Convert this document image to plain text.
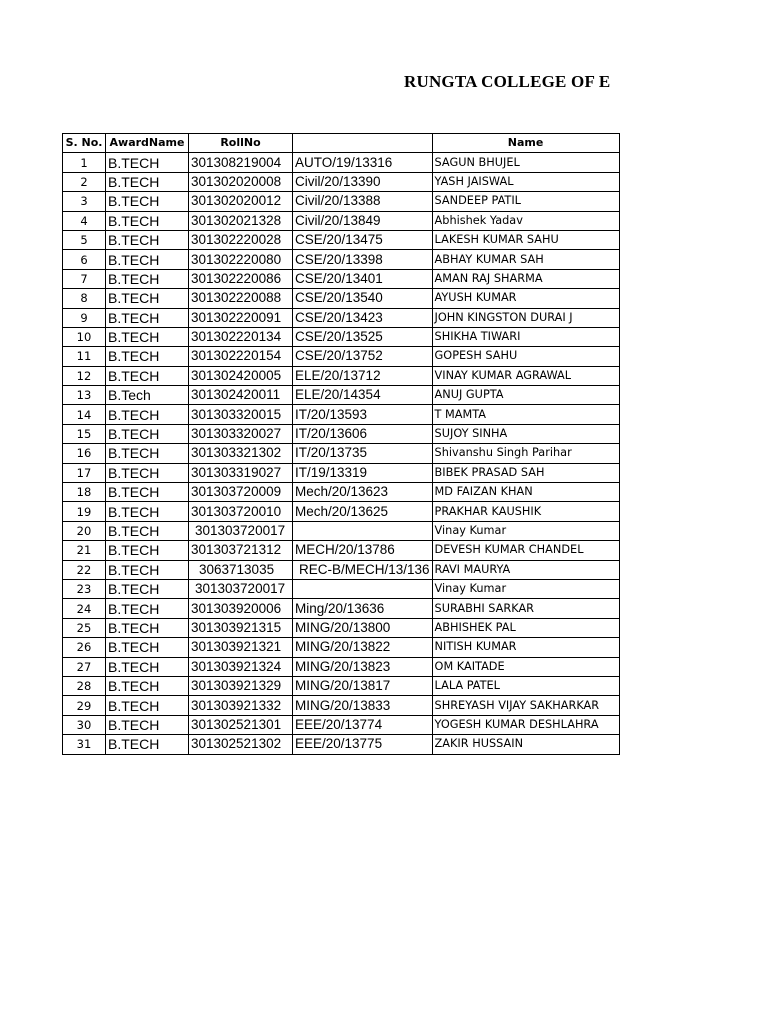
RUNGTA COLLEGE OF E
S. No.	AwardName	RollNo		Name
1	B.TECH	301308219004	AUTO/19/13316	SAGUN BHUJEL
2	B.TECH	301302020008	Civil/20/13390	YASH JAISWAL
3	B.TECH	301302020012	Civil/20/13388	SANDEEP PATIL
4	B.TECH	301302021328	Civil/20/13849	Abhishek Yadav
5	B.TECH	301302220028	CSE/20/13475	LAKESH KUMAR SAHU
6	B.TECH	301302220080	CSE/20/13398	ABHAY KUMAR SAH
7	B.TECH	301302220086	CSE/20/13401	AMAN RAJ SHARMA
8	B.TECH	301302220088	CSE/20/13540	AYUSH KUMAR
9	B.TECH	301302220091	CSE/20/13423	JOHN KINGSTON DURAI J
10	B.TECH	301302220134	CSE/20/13525	SHIKHA TIWARI
11	B.TECH	301302220154	CSE/20/13752	GOPESH SAHU
12	B.TECH	301302420005	ELE/20/13712	VINAY KUMAR AGRAWAL
13	B.Tech	301302420011	ELE/20/14354	ANUJ GUPTA
14	B.TECH	301303320015	IT/20/13593	T MAMTA
15	B.TECH	301303320027	IT/20/13606	SUJOY SINHA
16	B.TECH	301303321302	IT/20/13735	Shivanshu Singh Parihar
17	B.TECH	301303319027	IT/19/13319	BIBEK PRASAD SAH
18	B.TECH	301303720009	Mech/20/13623	MD FAIZAN KHAN
19	B.TECH	301303720010	Mech/20/13625	PRAKHAR KAUSHIK
20	B.TECH	301303720017		Vinay Kumar
21	B.TECH	301303721312	MECH/20/13786	DEVESH KUMAR CHANDEL
22	B.TECH	3063713035	REC-B/MECH/13/136	RAVI MAURYA
23	B.TECH	301303720017		Vinay Kumar
24	B.TECH	301303920006	Ming/20/13636	SURABHI SARKAR
25	B.TECH	301303921315	MING/20/13800	ABHISHEK PAL
26	B.TECH	301303921321	MING/20/13822	NITISH KUMAR
27	B.TECH	301303921324	MING/20/13823	OM KAITADE
28	B.TECH	301303921329	MING/20/13817	LALA PATEL
29	B.TECH	301303921332	MING/20/13833	SHREYASH VIJAY SAKHARKAR
30	B.TECH	301302521301	EEE/20/13774	YOGESH KUMAR DESHLAHRA
31	B.TECH	301302521302	EEE/20/13775	ZAKIR HUSSAIN
